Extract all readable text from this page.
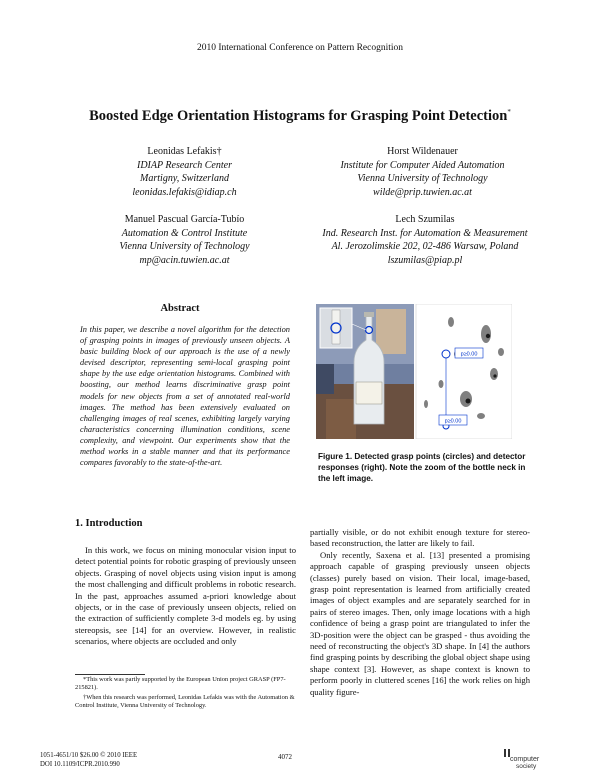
2010 International Conference on Pattern Recognition
Boosted Edge Orientation Histograms for Grasping Point Detection*
Leonidas Lefakis†
IDIAP Research Center
Martigny, Switzerland
leonidas.lefakis@idiap.ch
Horst Wildenauer
Institute for Computer Aided Automation
Vienna University of Technology
wilde@prip.tuwien.ac.at
Manuel Pascual García-Tubío
Automation & Control Institute
Vienna University of Technology
mp@acin.tuwien.ac.at
Lech Szumilas
Ind. Research Inst. for Automation & Measurement
Al. Jerozolimskie 202, 02-486 Warsaw, Poland
lszumilas@piap.pl
Abstract
In this paper, we describe a novel algorithm for the detection of grasping points in images of previously unseen objects. A basic building block of our approach is the use of a newly devised descriptor, representing semi-local grasping point shape by the use edge orientation histograms. Combined with boosting, our method learns discriminative grasp point models for new objects from a set of annotated real-world images. The method has been extensively evaluated on challenging images of real scenes, exhibiting largely varying characteristics concerning illumination conditions, scene complexity, and viewpoint. Our experiments show that the method works in a stable manner and that its performance compares favorably to the state-of-the-art.
p≥0.00
p≥0.00
Figure 1. Detected grasp points (circles) and detector responses (right). Note the zoom of the bottle neck in the left image.
1. Introduction

In this work, we focus on mining monocular vision input to detect potential points for robotic grasping of previously unseen objects. Grasping of novel objects using vision input is among the most challenging and difficult problems in robotic research. In the past, approaches assumed a-priori knowledge about objects, or in the case of previously unseen objects, relied on the extraction of sufficiently complete 3-d models eg. by using stereopsis, see [14] for an overview. However, in realistic scenarios, where objects are occluded and only

partially visible, or do not exhibit enough texture for stereo-based reconstruction, the latter are likely to fail.

Only recently, Saxena et al. [13] presented a promising approach capable of grasping previously unseen objects (classes) purely based on vision. Their local, image-based, grasp point representation is learned from artificially created images of object examples and are separately searched for in pairs of stereo images. Then, only image locations with a high confidence of being a grasp point are triangulated to infer the 3D-position were the object can be grasped - thus avoiding the need of reconstructing the object's 3D shape. In [4] the authors find grasping points by describing the global object shape using shape context [3]. However, as shape context is known to perform poorly in cluttered scenes [16] the work relies on high quality figure-

*This work was partly supported by the European Union project GRASP (FP7-215821).
†When this research was performed, Leonidas Lefakis was with the Automation & Control Institute, Vienna University of Technology.
1051-4651/10 $26.00 © 2010 IEEE
DOI 10.1109/ICPR.2010.990
4072	computer
society
